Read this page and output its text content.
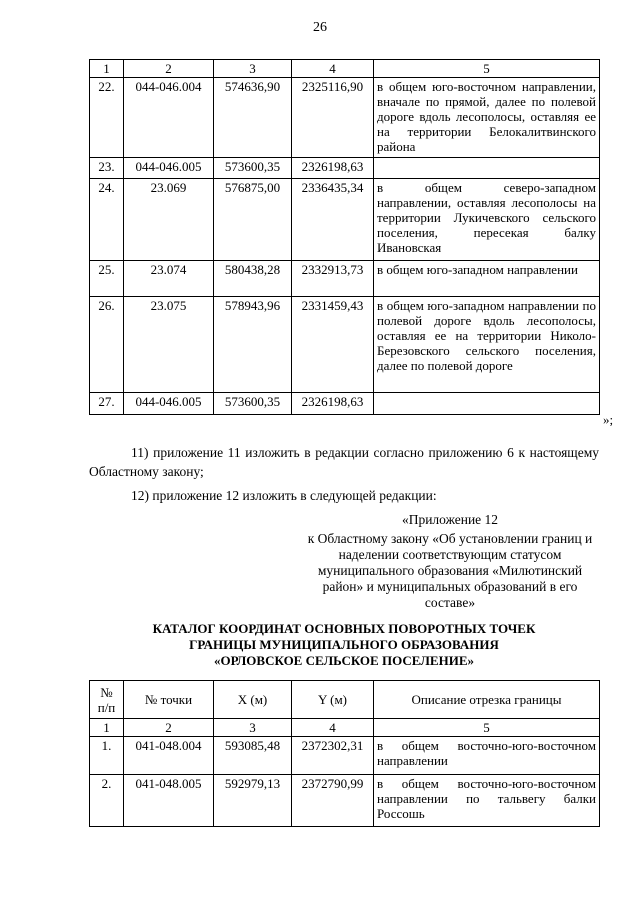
26
1	2	3	4	5
22.	044-046.004	574636,90	2325116,90	в общем юго-восточном направлении, вначале по прямой, далее по полевой дороге вдоль лесополосы, оставляя ее на территории Белокалитвинского района
23.	044-046.005	573600,35	2326198,63	
24.	23.069	576875,00	2336435,34	в общем северо-западном направлении, оставляя лесополосы на территории Лукичевского сельского поселения, пересекая балку Ивановская
25.	23.074	580438,28	2332913,73	в общем юго-западном направлении
26.	23.075	578943,96	2331459,43	в общем юго-западном направлении по полевой дороге вдоль лесополосы, оставляя ее на территории Николо-Березовского сельского поселения, далее по полевой дороге
27.	044-046.005	573600,35	2326198,63	
»;
11) приложение 11 изложить в редакции согласно приложению 6 к настоящему Областному закону;
12) приложение 12 изложить в следующей редакции:
«Приложение 12
к Областному закону «Об установлении границ и наделении соответствующим статусом муниципального образования «Милютинский район» и муниципальных образований в его составе»
КАТАЛОГ КООРДИНАТ ОСНОВНЫХ ПОВОРОТНЫХ ТОЧЕК
ГРАНИЦЫ МУНИЦИПАЛЬНОГО ОБРАЗОВАНИЯ
«ОРЛОВСКОЕ СЕЛЬСКОЕ ПОСЕЛЕНИЕ»
№
п/п	№ точки	X (м)	Y (м)	Описание отрезка границы
1	2	3	4	5
1.	041-048.004	593085,48	2372302,31	в общем восточно-юго-восточном направлении
2.	041-048.005	592979,13	2372790,99	в общем восточно-юго-восточном направлении по тальвегу балки Россошь
